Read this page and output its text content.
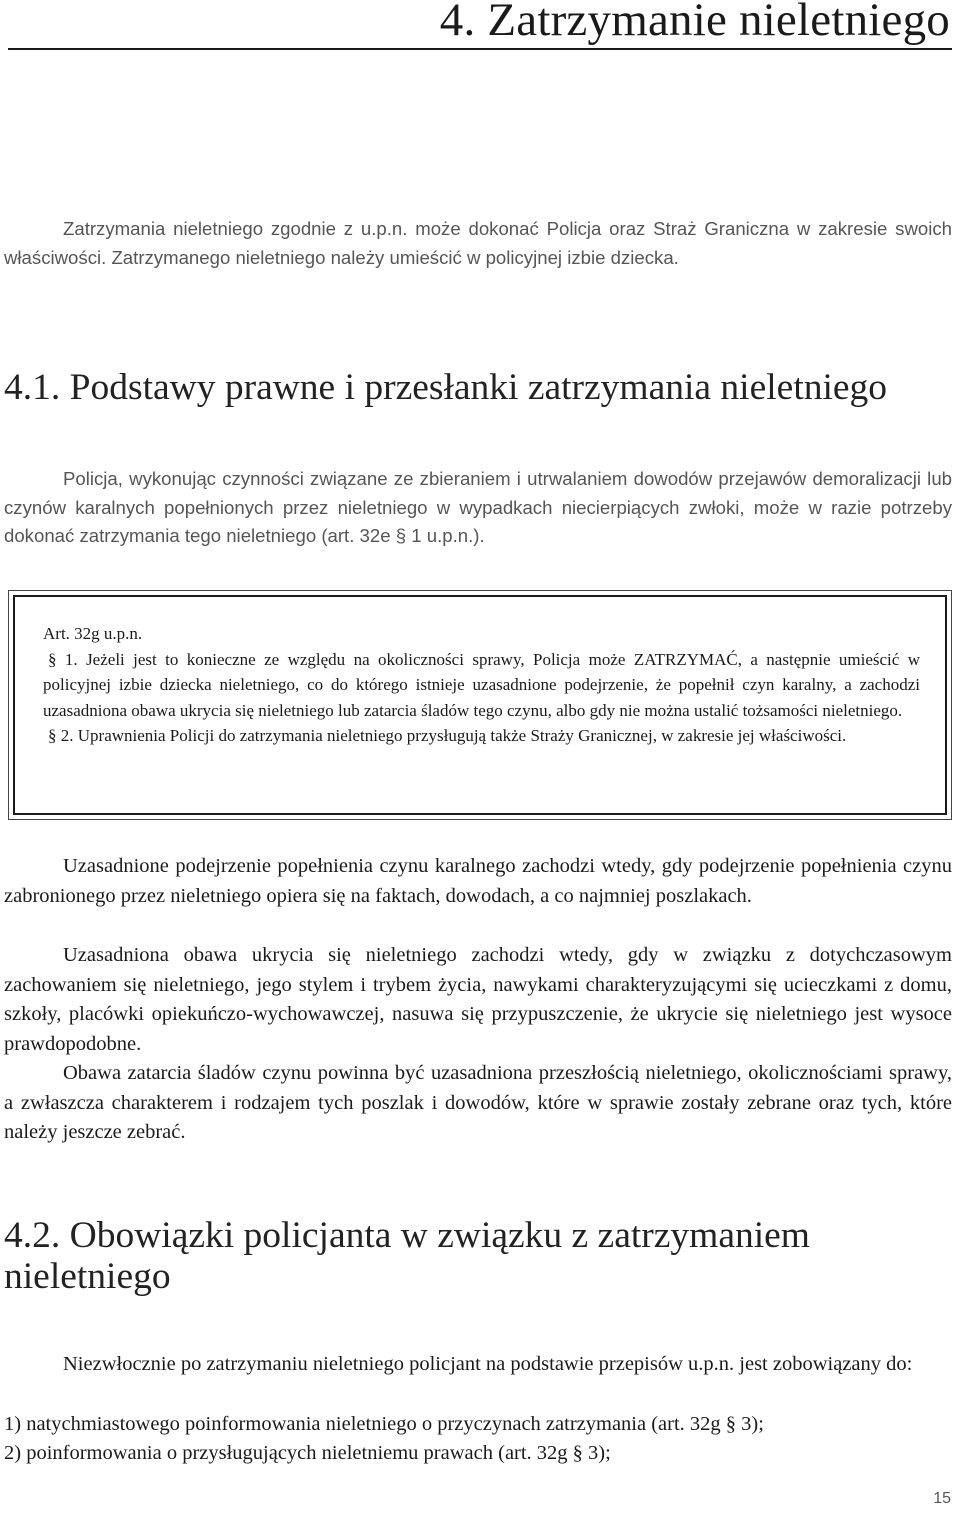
4. Zatrzymanie nieletniego

Zatrzymania nieletniego zgodnie z u.p.n. może dokonać Policja oraz Straż Graniczna w zakresie swoich właściwości. Zatrzymanego nieletniego należy umieścić w policyjnej izbie dziecka.

4.1. Podstawy prawne i przesłanki zatrzymania nieletniego

Policja, wykonując czynności związane ze zbieraniem i utrwalaniem dowodów przejawów demoralizacji lub czynów karalnych popełnionych przez nieletniego w wypadkach niecierpiących zwłoki, może w razie potrzeby dokonać zatrzymania tego nieletniego (art. 32e § 1 u.p.n.).

Art. 32g u.p.n.

§ 1. Jeżeli jest to konieczne ze względu na okoliczności sprawy, Policja może ZATRZYMAĆ, a następnie umieścić w policyjnej izbie dziecka nieletniego, co do którego istnieje uzasadnione podejrzenie, że popełnił czyn karalny, a zachodzi uzasadniona obawa ukrycia się nieletniego lub zatarcia śladów tego czynu, albo gdy nie można ustalić tożsamości nieletniego.

§ 2. Uprawnienia Policji do zatrzymania nieletniego przysługują także Straży Granicznej, w zakresie jej właściwości.

Uzasadnione podejrzenie popełnienia czynu karalnego zachodzi wtedy, gdy podejrzenie popełnienia czynu zabronionego przez nieletniego opiera się na faktach, dowodach, a co najmniej poszlakach.

Uzasadniona obawa ukrycia się nieletniego zachodzi wtedy, gdy w związku z dotychczasowym zachowaniem się nieletniego, jego stylem i trybem życia, nawykami charakteryzującymi się ucieczkami z domu, szkoły, placówki opiekuńczo-wychowawczej, nasuwa się przypuszczenie, że ukrycie się nieletniego jest wysoce prawdopodobne.

Obawa zatarcia śladów czynu powinna być uzasadniona przeszłością nieletniego, okolicznościami sprawy, a zwłaszcza charakterem i rodzajem tych poszlak i dowodów, które w sprawie zostały zebrane oraz tych, które należy jeszcze zebrać.

4.2. Obowiązki policjanta w związku z zatrzymaniem nieletniego

Niezwłocznie po zatrzymaniu nieletniego policjant na podstawie przepisów u.p.n. jest zobowiązany do:

1) natychmiastowego poinformowania nieletniego o przyczynach zatrzymania (art. 32g § 3);
2) poinformowania o przysługujących nieletniemu prawach (art. 32g § 3);
15
